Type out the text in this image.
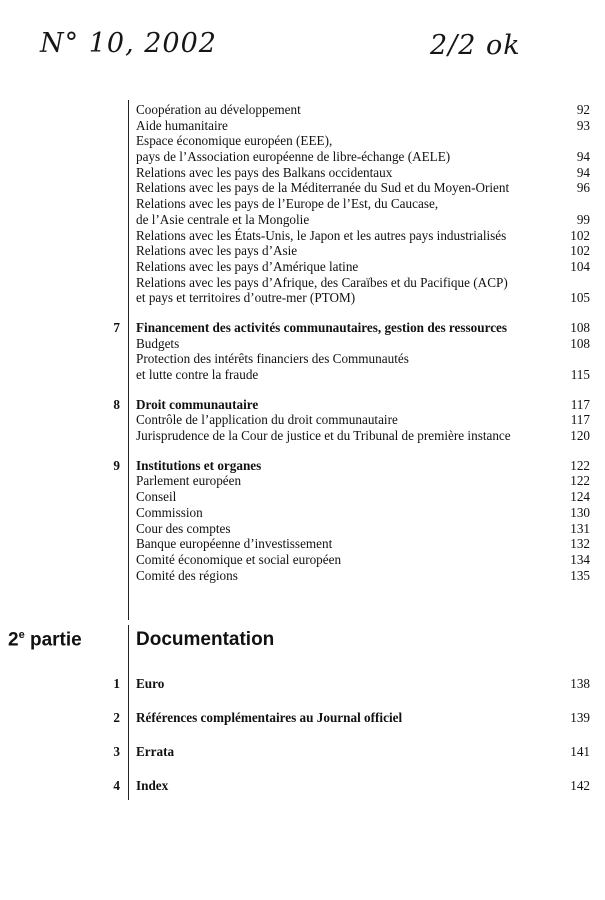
N° 10, 2002	2/2 ok
Coopération au développement	92
Aide humanitaire	93
Espace économique européen (EEE),
pays de l’Association européenne de libre-échange (AELE)	94
Relations avec les pays des Balkans occidentaux	94
Relations avec les pays de la Méditerranée du Sud et du Moyen-Orient	96
Relations avec les pays de l’Europe de l’Est, du Caucase,
de l’Asie centrale et la Mongolie	99
Relations avec les États-Unis, le Japon et les autres pays industrialisés	102
Relations avec les pays d’Asie	102
Relations avec les pays d’Amérique latine	104
Relations avec les pays d’Afrique, des Caraïbes et du Pacifique (ACP)
et pays et territoires d’outre-mer (PTOM)	105
7 Financement des activités communautaires, gestion des ressources	108
Budgets	108
Protection des intérêts financiers des Communautés
et lutte contre la fraude	115
8 Droit communautaire	117
Contrôle de l’application du droit communautaire	117
Jurisprudence de la Cour de justice et du Tribunal de première instance	120
9 Institutions et organes	122
Parlement européen	122
Conseil	124
Commission	130
Cour des comptes	131
Banque européenne d’investissement	132
Comité économique et social européen	134
Comité des régions	135
2e partie	Documentation
1 Euro	138
2 Références complémentaires au Journal officiel	139
3 Errata	141
4 Index	142
